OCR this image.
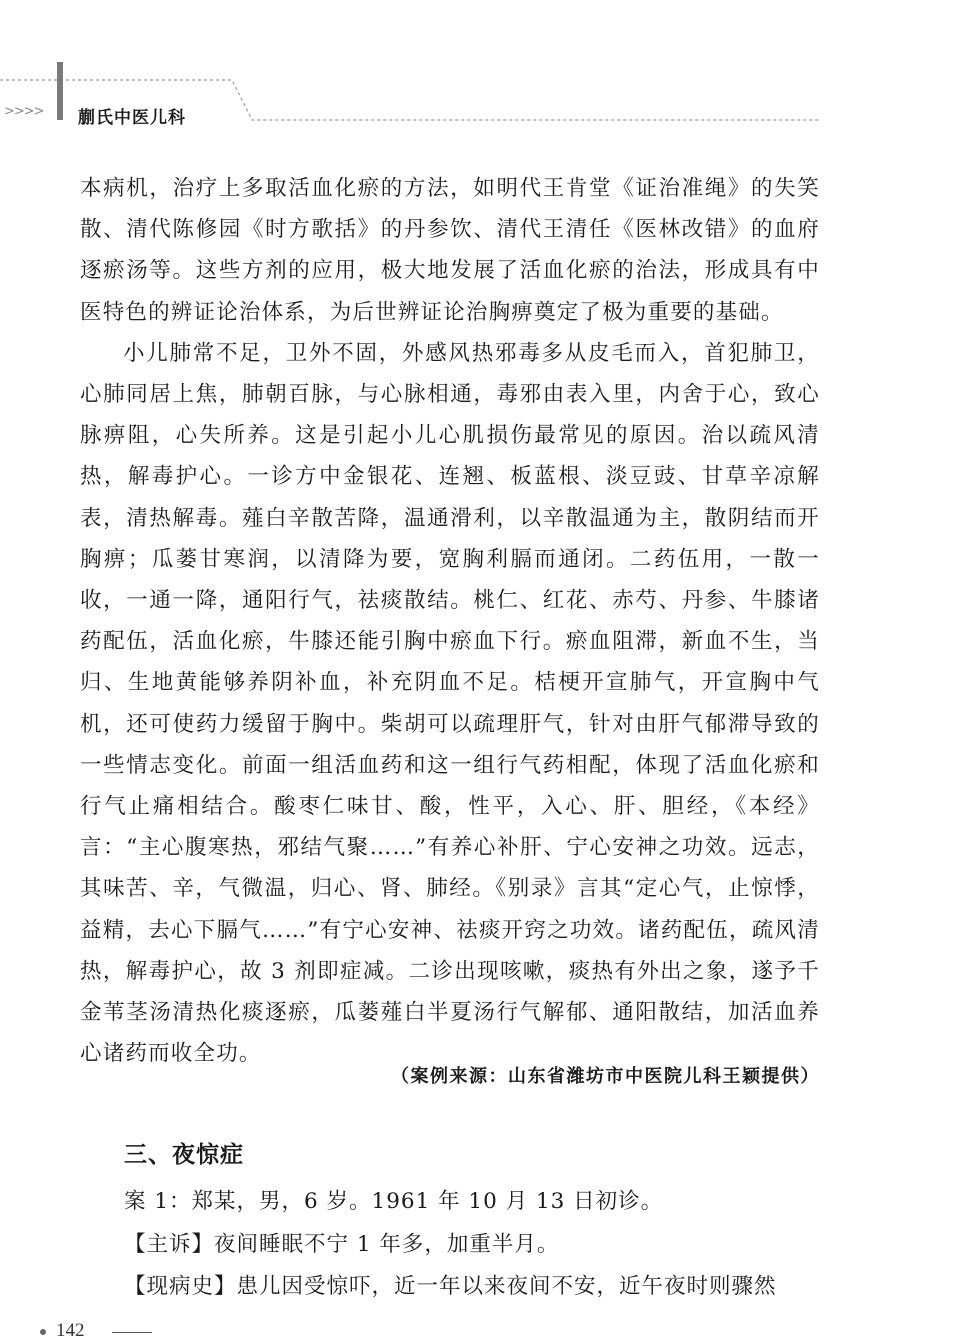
>>>> 蒯氏中医儿科

本病机，治疗上多取活血化瘀的方法，如明代王肯堂《证治准绳》的失笑散、清代陈修园《时方歌括》的丹参饮、清代王清任《医林改错》的血府逐瘀汤等。这些方剂的应用，极大地发展了活血化瘀的治法，形成具有中医特色的辨证论治体系，为后世辨证论治胸痹奠定了极为重要的基础。

小儿肺常不足，卫外不固，外感风热邪毒多从皮毛而入，首犯肺卫，心肺同居上焦，肺朝百脉，与心脉相通，毒邪由表入里，内舍于心，致心脉痹阻，心失所养。这是引起小儿心肌损伤最常见的原因。治以疏风清热，解毒护心。一诊方中金银花、连翘、板蓝根、淡豆豉、甘草辛凉解表，清热解毒。薤白辛散苦降，温通滑利，以辛散温通为主，散阴结而开胸痹；瓜蒌甘寒润，以清降为要，宽胸利膈而通闭。二药伍用，一散一收，一通一降，通阳行气，祛痰散结。桃仁、红花、赤芍、丹参、牛膝诸药配伍，活血化瘀，牛膝还能引胸中瘀血下行。瘀血阻滞，新血不生，当归、生地黄能够养阴补血，补充阴血不足。桔梗开宣肺气，开宣胸中气机，还可使药力缓留于胸中。柴胡可以疏理肝气，针对由肝气郁滞导致的一些情志变化。前面一组活血药和这一组行气药相配，体现了活血化瘀和行气止痛相结合。酸枣仁味甘、酸，性平，入心、肝、胆经，《本经》言：“主心腹寒热，邪结气聚……”有养心补肝、宁心安神之功效。远志，其味苦、辛，气微温，归心、肾、肺经。《别录》言其“定心气，止惊悸，益精，去心下膈气……”有宁心安神、祛痰开窍之功效。诸药配伍，疏风清热，解毒护心，故 3 剂即症减。二诊出现咳嗽，痰热有外出之象，遂予千金苇茎汤清热化痰逐瘀，瓜蒌薤白半夏汤行气解郁、通阳散结，加活血养心诸药而收全功。

（案例来源：山东省潍坊市中医院儿科王颖提供）
三、夜惊症
案 1：郑某，男，6 岁。1961 年 10 月 13 日初诊。
【主诉】夜间睡眠不宁 1 年多，加重半月。
【现病史】患儿因受惊吓，近一年以来夜间不安，近午夜时则骤然
142
